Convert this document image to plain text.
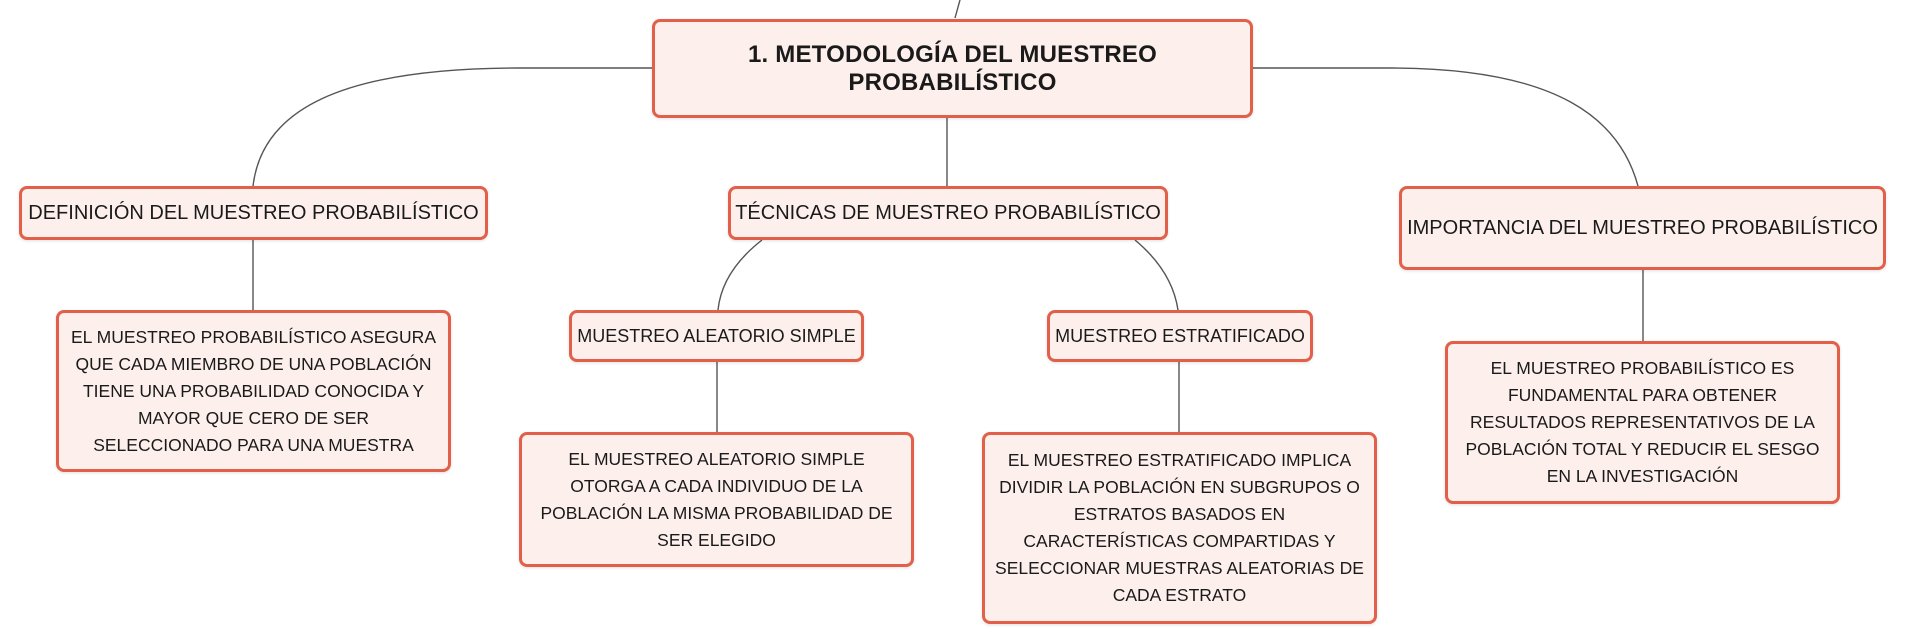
1. METODOLOGÍA DEL MUESTREO PROBABILÍSTICO
DEFINICIÓN DEL MUESTREO PROBABILÍSTICO	TÉCNICAS DE MUESTREO PROBABILÍSTICO
IMPORTANCIA DEL MUESTREO PROBABILÍSTICO
EL MUESTREO PROBABILÍSTICO ASEGURA QUE CADA MIEMBRO DE UNA POBLACIÓN TIENE UNA PROBABILIDAD CONOCIDA Y MAYOR QUE CERO DE SER SELECCIONADO PARA UNA MUESTRA
MUESTREO ALEATORIO SIMPLE	MUESTREO ESTRATIFICADO
EL MUESTREO ALEATORIO SIMPLE OTORGA A CADA INDIVIDUO DE LA POBLACIÓN LA MISMA PROBABILIDAD DE SER ELEGIDO
EL MUESTREO ESTRATIFICADO IMPLICA DIVIDIR LA POBLACIÓN EN SUBGRUPOS O ESTRATOS BASADOS EN CARACTERÍSTICAS COMPARTIDAS Y SELECCIONAR MUESTRAS ALEATORIAS DE CADA ESTRATO
EL MUESTREO PROBABILÍSTICO ES FUNDAMENTAL PARA OBTENER RESULTADOS REPRESENTATIVOS DE LA POBLACIÓN TOTAL Y REDUCIR EL SESGO EN LA INVESTIGACIÓN
